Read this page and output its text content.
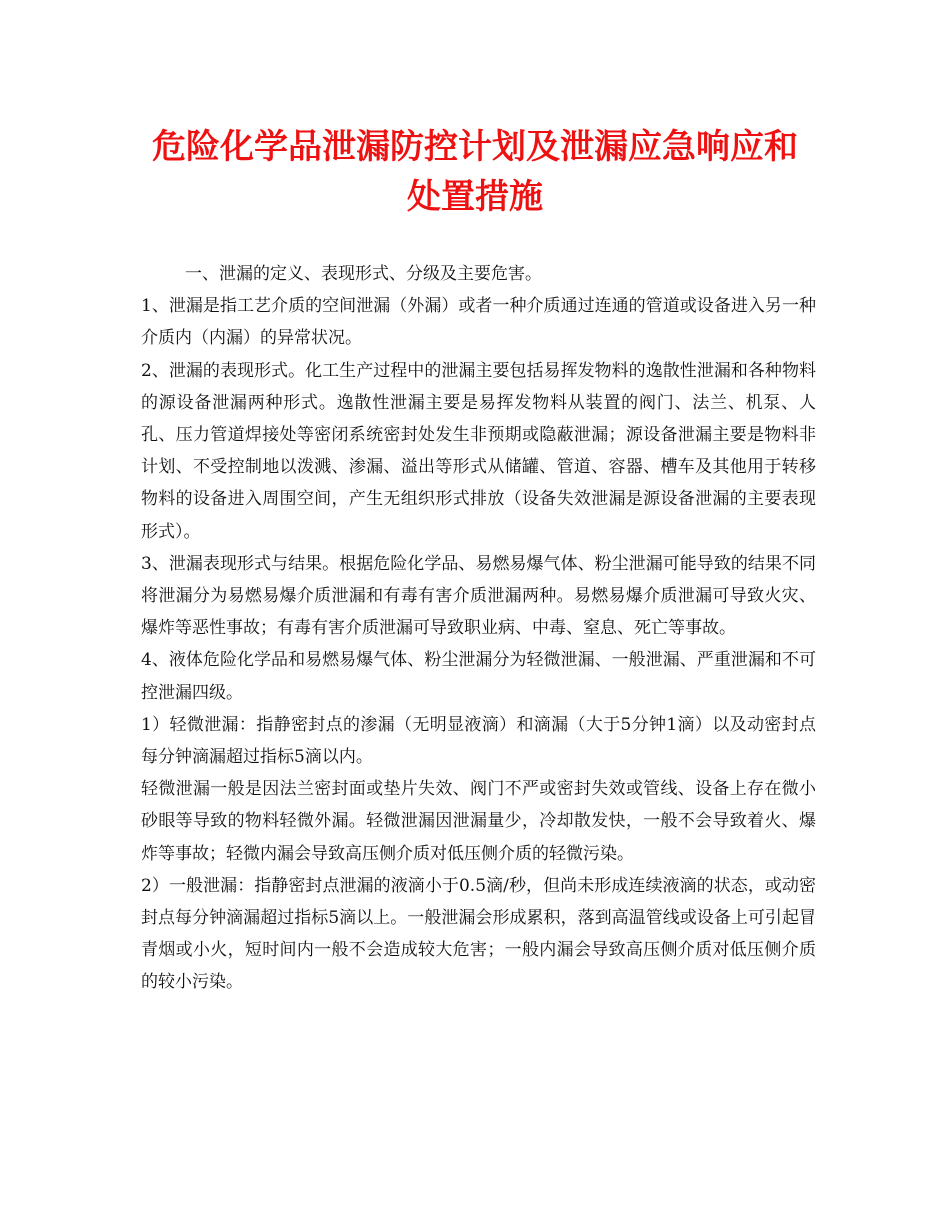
危险化学品泄漏防控计划及泄漏应急响应和
处置措施

一、泄漏的定义、表现形式、分级及主要危害。

1、泄漏是指工艺介质的空间泄漏（外漏）或者一种介质通过连通的管道或设备进入另一种介质内（内漏）的异常状况。

2、泄漏的表现形式。化工生产过程中的泄漏主要包括易挥发物料的逸散性泄漏和各种物料的源设备泄漏两种形式。逸散性泄漏主要是易挥发物料从装置的阀门、法兰、机泵、人孔、压力管道焊接处等密闭系统密封处发生非预期或隐蔽泄漏；源设备泄漏主要是物料非计划、不受控制地以泼溅、渗漏、溢出等形式从储罐、管道、容器、槽车及其他用于转移物料的设备进入周围空间，产生无组织形式排放（设备失效泄漏是源设备泄漏的主要表现形式）。

3、泄漏表现形式与结果。根据危险化学品、易燃易爆气体、粉尘泄漏可能导致的结果不同将泄漏分为易燃易爆介质泄漏和有毒有害介质泄漏两种。易燃易爆介质泄漏可导致火灾、爆炸等恶性事故；有毒有害介质泄漏可导致职业病、中毒、窒息、死亡等事故。

4、液体危险化学品和易燃易爆气体、粉尘泄漏分为轻微泄漏、一般泄漏、严重泄漏和不可控泄漏四级。

1）轻微泄漏：指静密封点的渗漏（无明显液滴）和滴漏（大于5分钟1滴）以及动密封点每分钟滴漏超过指标5滴以内。

轻微泄漏一般是因法兰密封面或垫片失效、阀门不严或密封失效或管线、设备上存在微小砂眼等导致的物料轻微外漏。轻微泄漏因泄漏量少，冷却散发快，一般不会导致着火、爆炸等事故；轻微内漏会导致高压侧介质对低压侧介质的轻微污染。

2）一般泄漏：指静密封点泄漏的液滴小于0.5滴/秒，但尚未形成连续液滴的状态，或动密封点每分钟滴漏超过指标5滴以上。一般泄漏会形成累积，落到高温管线或设备上可引起冒青烟或小火，短时间内一般不会造成较大危害；一般内漏会导致高压侧介质对低压侧介质的较小污染。
